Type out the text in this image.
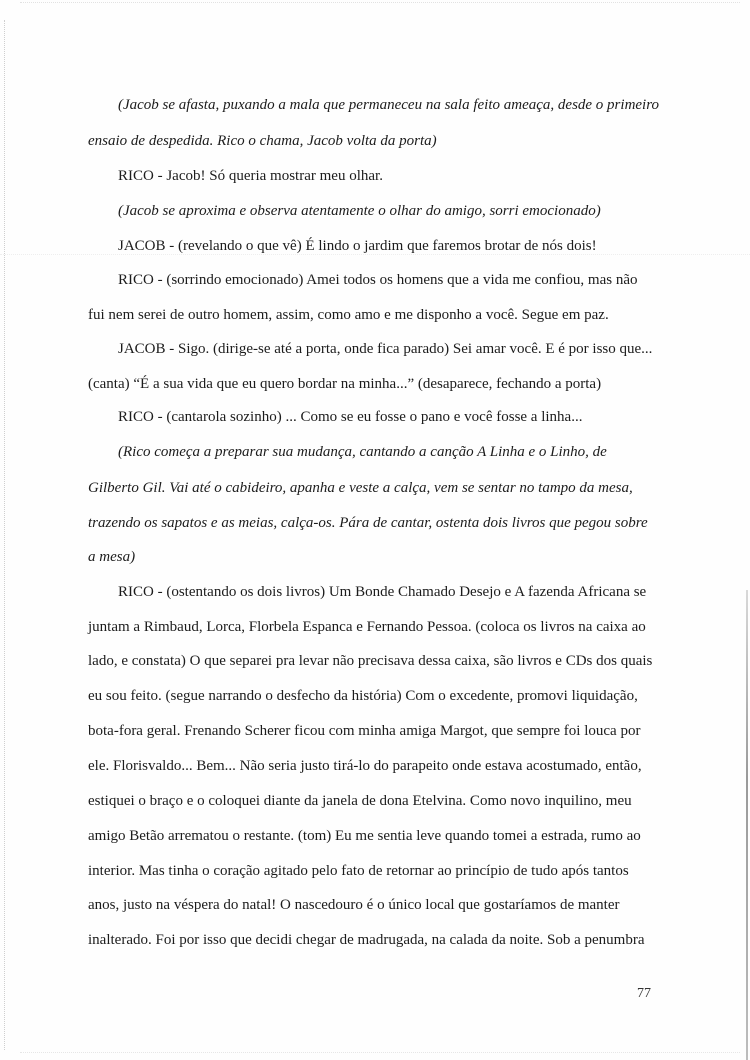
(Jacob se afasta, puxando a mala que permaneceu na sala feito ameaça, desde o primeiro
ensaio de despedida. Rico o chama, Jacob volta da porta)
RICO - Jacob! Só queria mostrar meu olhar.
(Jacob se aproxima e observa atentamente o olhar do amigo, sorri emocionado)
JACOB - (revelando o que vê) É lindo o jardim que faremos brotar de nós dois!
RICO - (sorrindo emocionado) Amei todos os homens que a vida me confiou, mas não
fui nem serei de outro homem, assim, como amo e me disponho a você. Segue em paz.
JACOB - Sigo. (dirige-se até a porta, onde fica parado) Sei amar você. E é por isso que...
(canta) “É a sua vida que eu quero bordar na minha...” (desaparece, fechando a porta)
RICO - (cantarola sozinho) ... Como se eu fosse o pano e você fosse a linha...
(Rico começa a preparar sua mudança, cantando a canção A Linha e o Linho, de
Gilberto Gil. Vai até o cabideiro, apanha e veste a calça, vem se sentar no tampo da mesa,
trazendo os sapatos e as meias, calça-os. Pára de cantar, ostenta dois livros que pegou sobre
a mesa)
RICO - (ostentando os dois livros) Um Bonde Chamado Desejo e A fazenda Africana se
juntam a Rimbaud, Lorca, Florbela Espanca e Fernando Pessoa. (coloca os livros na caixa ao
lado, e constata) O que separei pra levar não precisava dessa caixa, são livros e CDs dos quais
eu sou feito. (segue narrando o desfecho da história) Com o excedente, promovi liquidação,
bota-fora geral. Frenando Scherer ficou com minha amiga Margot, que sempre foi louca por
ele. Florisvaldo... Bem... Não seria justo tirá-lo do parapeito onde estava acostumado, então,
estiquei o braço e o coloquei diante da janela de dona Etelvina. Como novo inquilino, meu
amigo Betão arrematou o restante. (tom) Eu me sentia leve quando tomei a estrada, rumo ao
interior. Mas tinha o coração agitado pelo fato de retornar ao princípio de tudo após tantos
anos, justo na véspera do natal! O nascedouro é o único local que gostaríamos de manter
inalterado. Foi por isso que decidi chegar de madrugada, na calada da noite. Sob a penumbra
77
